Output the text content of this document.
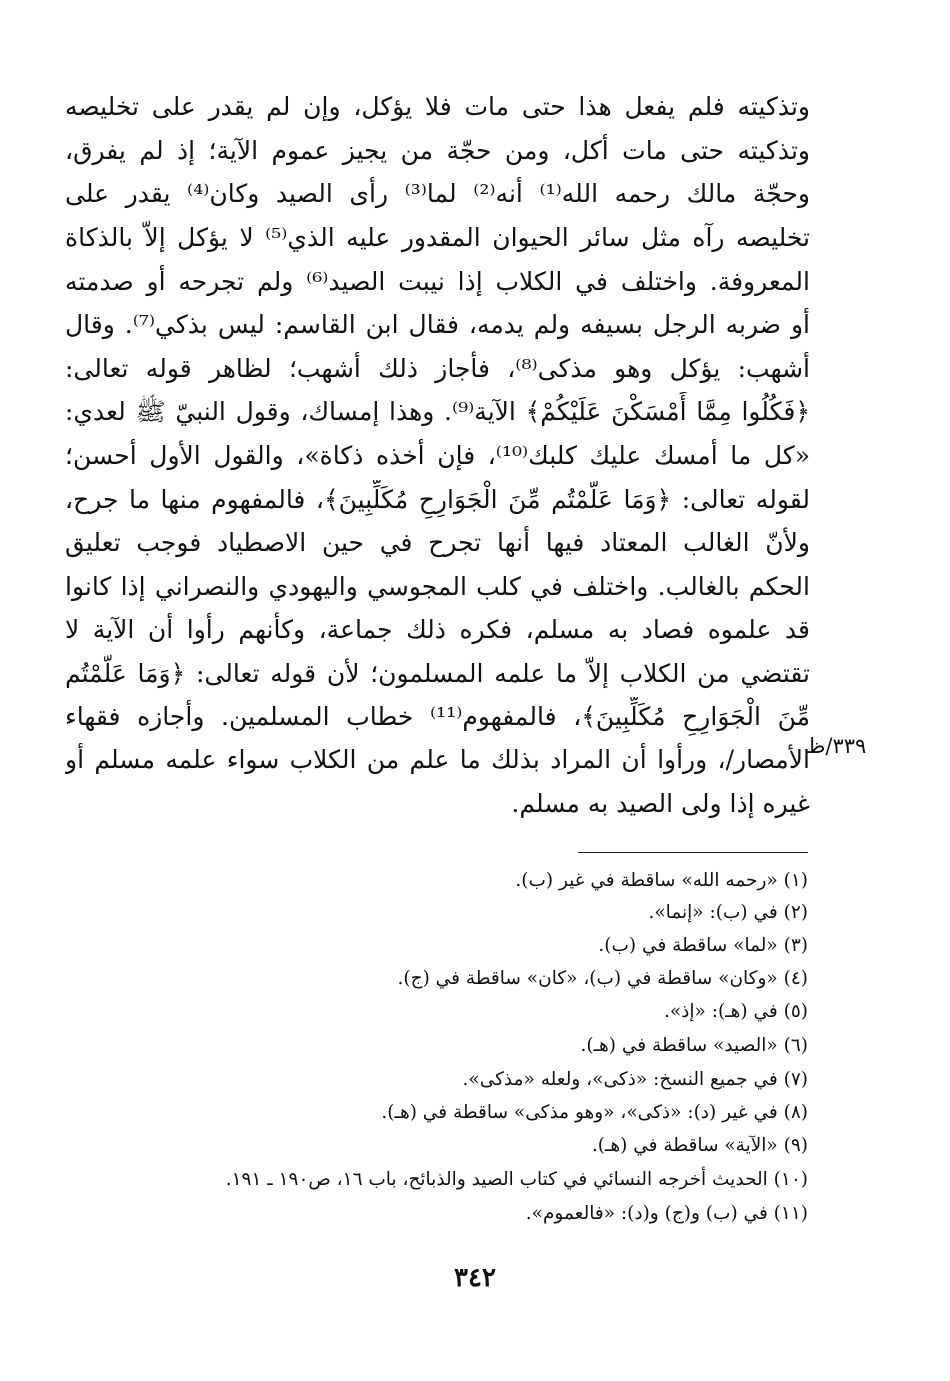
وتذكيته فلم يفعل هذا حتى مات فلا يؤكل، وإن لم يقدر على تخليصه
وتذكيته حتى مات أكل، ومن حجّة من يجيز عموم الآية؛ إذ لم يفرق،
وحجّة مالك رحمه الله⁽¹⁾ أنه⁽²⁾ لما⁽³⁾ رأى الصيد وكان⁽⁴⁾ يقدر على
تخليصه رآه مثل سائر الحيوان المقدور عليه الذي⁽⁵⁾ لا يؤكل إلاّ بالذكاة
المعروفة. واختلف في الكلاب إذا نيبت الصيد⁽⁶⁾ ولم تجرحه أو صدمته
أو ضربه الرجل بسيفه ولم يدمه، فقال ابن القاسم: ليس بذكي⁽⁷⁾. وقال
أشهب: يؤكل وهو مذكى⁽⁸⁾، فأجاز ذلك أشهب؛ لظاهر قوله تعالى:
﴿فَكُلُوا مِمَّا أَمْسَكْنَ عَلَيْكُمْ﴾ الآية⁽⁹⁾. وهذا إمساك، وقول النبيّ ﷺ لعدي:
«كل ما أمسك عليك كلبك⁽¹⁰⁾، فإن أخذه ذكاة»، والقول الأول أحسن؛
لقوله تعالى: ﴿وَمَا عَلَّمْتُم مِّنَ الْجَوَارِحِ مُكَلِّبِينَ﴾، فالمفهوم منها ما جرح،
ولأنّ الغالب المعتاد فيها أنها تجرح في حين الاصطياد فوجب تعليق
الحكم بالغالب. واختلف في كلب المجوسي واليهودي والنصراني إذا كانوا
قد علموه فصاد به مسلم، فكره ذلك جماعة، وكأنهم رأوا أن الآية لا
تقتضي من الكلاب إلاّ ما علمه المسلمون؛ لأن قوله تعالى: ﴿وَمَا عَلَّمْتُم
مِّنَ الْجَوَارِحِ مُكَلِّبِينَ﴾، فالمفهوم⁽¹¹⁾ خطاب المسلمين. وأجازه فقهاء
الأمصار/، ورأوا أن المراد بذلك ما علم من الكلاب سواء علمه مسلم أو
غيره إذا ولى الصيد به مسلم.
٣٣٩/ظ
(١) «رحمه الله» ساقطة في غير (ب).
(٢) في (ب): «إنما».
(٣) «لما» ساقطة في (ب).
(٤) «وكان» ساقطة في (ب)، «كان» ساقطة في (ج).
(٥) في (هـ): «إذ».
(٦) «الصيد» ساقطة في (هـ).
(٧) في جميع النسخ: «ذكى»، ولعله «مذكى».
(٨) في غير (د): «ذكى»، «وهو مذكى» ساقطة في (هـ).
(٩) «الآية» ساقطة في (هـ).
(١٠) الحديث أخرجه النسائي في كتاب الصيد والذبائح، باب ١٦، ص١٩٠ ـ ١٩١.
(١١) في (ب) و(ج) و(د): «فالعموم».
٣٤٢
